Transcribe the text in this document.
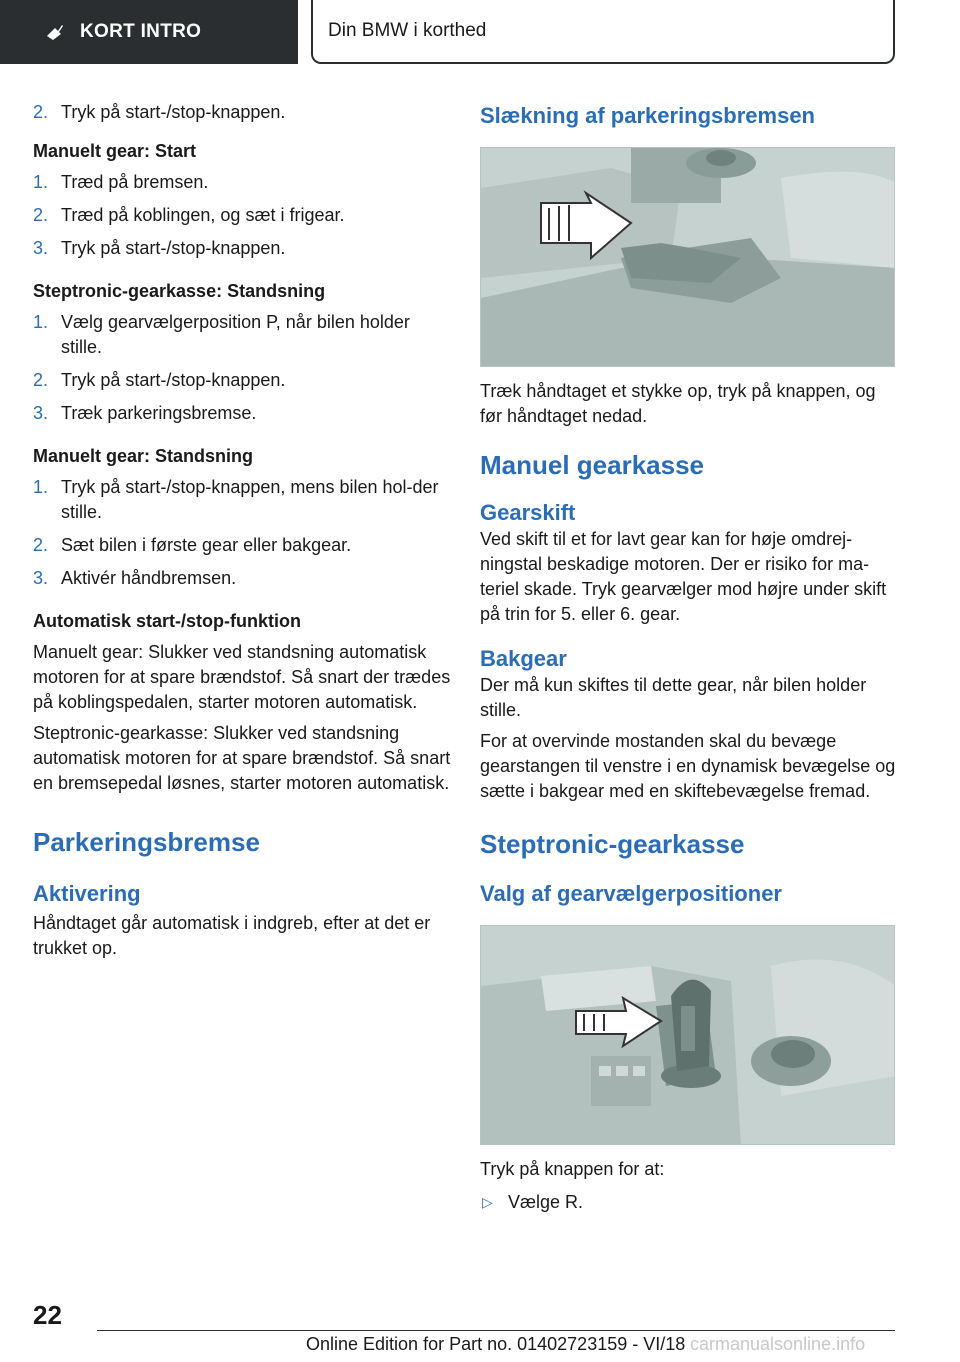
KORT INTRO	Din BMW i korthed
2. Tryk på start-/stop-knappen.
Manuelt gear: Start
1. Træd på bremsen.
2. Træd på koblingen, og sæt i frigear.
3. Tryk på start-/stop-knappen.
Steptronic-gearkasse: Standsning
1. Vælg gearvælgerposition P, når bilen holder stille.
2. Tryk på start-/stop-knappen.
3. Træk parkeringsbremse.
Manuelt gear: Standsning
1. Tryk på start-/stop-knappen, mens bilen hol-der stille.
2. Sæt bilen i første gear eller bakgear.
3. Aktivér håndbremsen.
Automatisk start-/stop-funktion

Manuelt gear: Slukker ved standsning automatisk motoren for at spare brændstof. Så snart der trædes på koblingspedalen, starter motoren automatisk.

Steptronic-gearkasse: Slukker ved standsning automatisk motoren for at spare brændstof. Så snart en bremsepedal løsnes, starter motoren automatisk.

Parkeringsbremse
Aktivering

Håndtaget går automatisk i indgreb, efter at det er trukket op.

Slækning af parkeringsbremsen

Træk håndtaget et stykke op, tryk på knappen, og før håndtaget nedad.

Manuel gearkasse
Gearskift

Ved skift til et for lavt gear kan for høje omdrej-ningstal beskadige motoren. Der er risiko for ma-teriel skade. Tryk gearvælger mod højre under skift på trin for 5. eller 6. gear.

Bakgear

Der må kun skiftes til dette gear, når bilen holder stille.

For at overvinde mostanden skal du bevæge gearstangen til venstre i en dynamisk bevægelse og sætte i bakgear med en skiftebevægelse fremad.

Steptronic-gearkasse
Valg af gearvælgerpositioner

Tryk på knappen for at:

▷ Vælge R.
22
Online Edition for Part no. 01402723159 - VI/18 carmanualsonline.info
